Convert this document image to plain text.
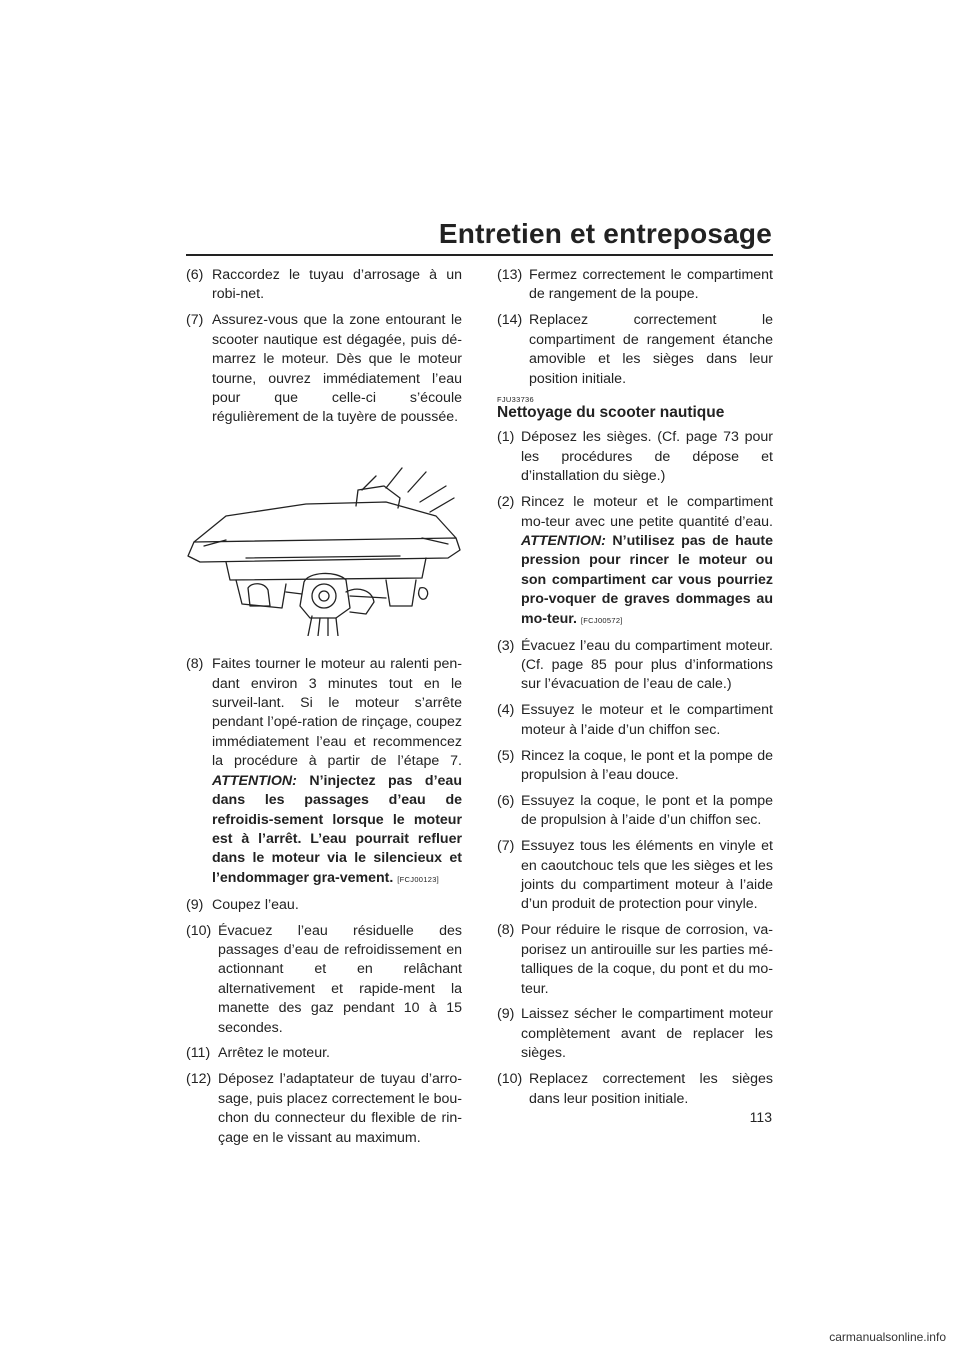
Entretien et entreposage
(6) Raccordez le tuyau d’arrosage à un robi-net.
(7) Assurez-vous que la zone entourant le scooter nautique est dégagée, puis dé-marrez le moteur. Dès que le moteur tourne, ouvrez immédiatement l’eau pour que celle-ci s’écoule régulièrement de la tuyère de poussée.
(8) Faites tourner le moteur au ralenti pen-dant environ 3 minutes tout en le surveil-lant. Si le moteur s’arrête pendant l’opé-ration de rinçage, coupez immédiatement l’eau et recommencez la procédure à partir de l’étape 7. ATTENTION: N’injectez pas d’eau dans les passages d’eau de refroidis-sement lorsque le moteur est à l’arrêt. L’eau pourrait refluer dans le moteur via le silencieux et l’endommager gra-vement. [FCJ00123]
(9) Coupez l’eau.
(10) Évacuez l’eau résiduelle des passages d’eau de refroidissement en actionnant et en relâchant alternativement et rapide-ment la manette des gaz pendant 10 à 15 secondes.
(11) Arrêtez le moteur.
(12) Déposez l’adaptateur de tuyau d’arro-sage, puis placez correctement le bou-chon du connecteur du flexible de rin-çage en le vissant au maximum.
(13) Fermez correctement le compartiment de rangement de la poupe.
(14) Replacez correctement le compartiment de rangement étanche amovible et les sièges dans leur position initiale.
FJU33736
Nettoyage du scooter nautique
(1) Déposez les sièges. (Cf. page 73 pour les procédures de dépose et d’installation du siège.)
(2) Rincez le moteur et le compartiment mo-teur avec une petite quantité d’eau. ATTENTION: N’utilisez pas de haute pression pour rincer le moteur ou son compartiment car vous pourriez pro-voquer de graves dommages au mo-teur. [FCJ00572]
(3) Évacuez l’eau du compartiment moteur. (Cf. page 85 pour plus d’informations sur l’évacuation de l’eau de cale.)
(4) Essuyez le moteur et le compartiment moteur à l’aide d’un chiffon sec.
(5) Rincez la coque, le pont et la pompe de propulsion à l’eau douce.
(6) Essuyez la coque, le pont et la pompe de propulsion à l’aide d’un chiffon sec.
(7) Essuyez tous les éléments en vinyle et en caoutchouc tels que les sièges et les joints du compartiment moteur à l’aide d’un produit de protection pour vinyle.
(8) Pour réduire le risque de corrosion, va-porisez un antirouille sur les parties mé-talliques de la coque, du pont et du mo-teur.
(9) Laissez sécher le compartiment moteur complètement avant de replacer les sièges.
(10) Replacez correctement les sièges dans leur position initiale.
113
carmanualsonline.info
